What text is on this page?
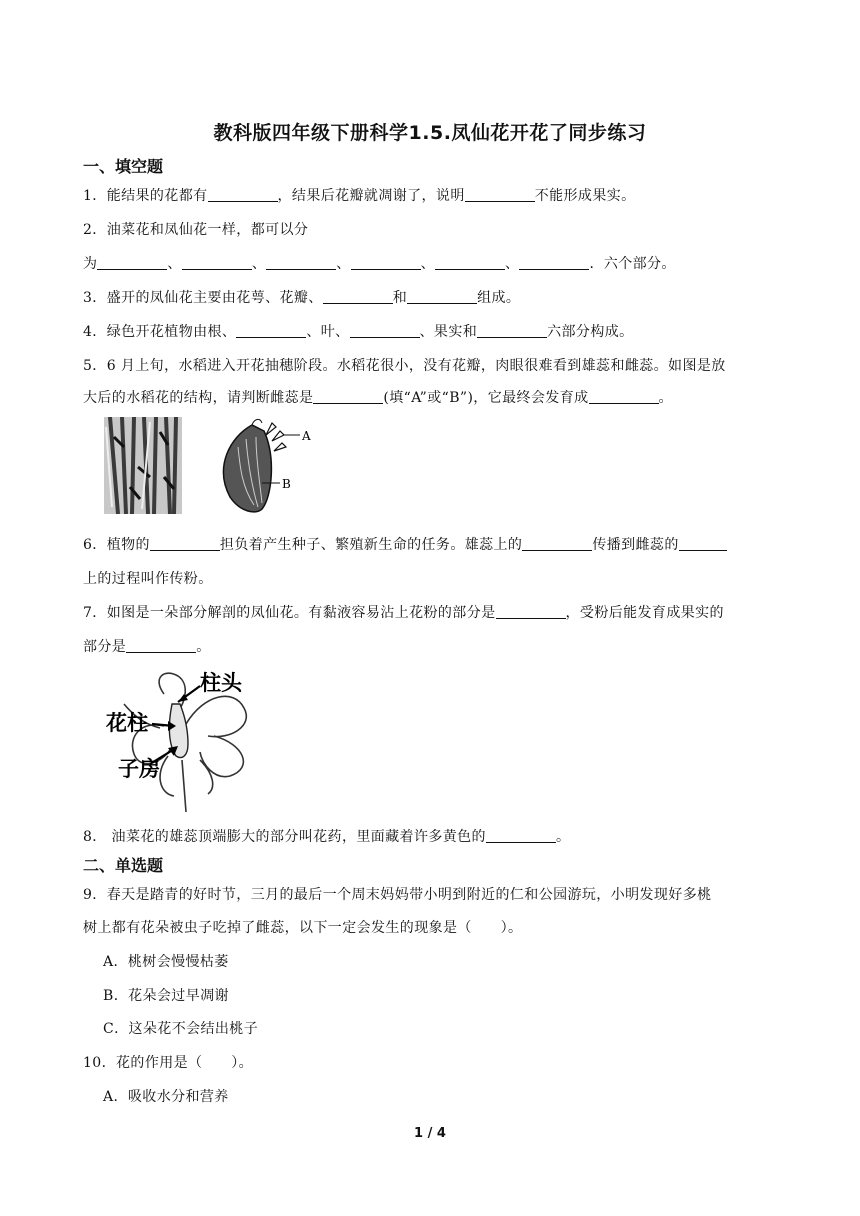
教科版四年级下册科学1.5.凤仙花开花了同步练习
一、填空题
1．能结果的花都有	，结果后花瓣就凋谢了，说明	不能形成果实。
2．油菜花和凤仙花一样，都可以分
为	、	、	、	、	、	．六个部分。
3．盛开的凤仙花主要由花萼、花瓣、	和	组成。
4．绿色开花植物由根、	、叶、	、果实和	六部分构成。
5．6 月上旬，水稻进入开花抽穗阶段。水稻花很小，没有花瓣，肉眼很难看到雄蕊和雌蕊。如图是放
大后的水稻花的结构，请判断雌蕊是	(填“A”或“B”)，它最终会发育成	。
A
B
6．植物的	担负着产生种子、繁殖新生命的任务。雄蕊上的	传播到雌蕊的
上的过程叫作传粉。
7．如图是一朵部分解剖的凤仙花。有黏液容易沾上花粉的部分是	，受粉后能发育成果实的
部分是	。
柱头
花柱
子房
8． 油菜花的雄蕊顶端膨大的部分叫花药，里面藏着许多黄色的	。
二、单选题
9．春天是踏青的好时节，三月的最后一个周末妈妈带小明到附近的仁和公园游玩，小明发现好多桃
树上都有花朵被虫子吃掉了雌蕊，以下一定会发生的现象是（　　）。
A．桃树会慢慢枯萎
B．花朵会过早凋谢
C．这朵花不会结出桃子
10．花的作用是（　　）。
A．吸收水分和营养
1 / 4
